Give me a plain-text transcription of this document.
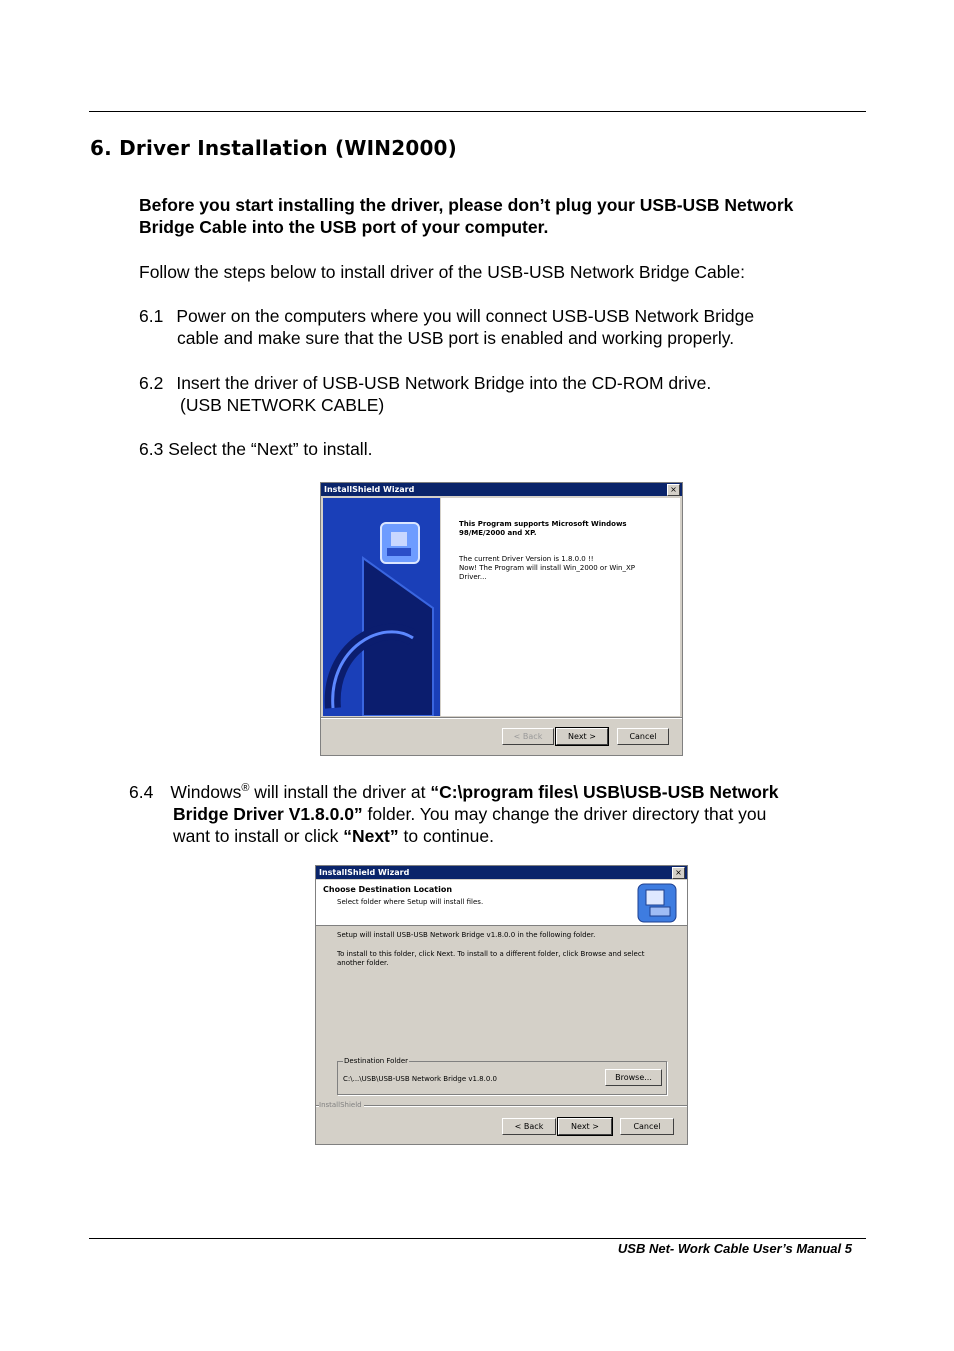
6. Driver Installation (WIN2000)
Before you start installing the driver, please don’t plug your USB-USB Network
Bridge Cable into the USB port of your computer.
Follow the steps below to install driver of the USB-USB Network Bridge Cable:
6.1 Power on the computers where you will connect USB-USB Network Bridge
cable and make sure that the USB port is enabled and working properly.
6.2 Insert the driver of USB-USB Network Bridge into the CD-ROM drive.
(USB NETWORK CABLE)
6.3 Select the “Next” to install.
InstallShield Wizard	×
This Program supports Microsoft Windows
98/ME/2000 and XP.
The current Driver Version is 1.8.0.0 !!
Now! The Program will install Win_2000 or Win_XP
Driver...
< Back	Next >	Cancel
6.4 Windows® will install the driver at “C:\program files\ USB\USB-USB Network
Bridge Driver V1.8.0.0” folder. You may change the driver directory that you
want to install or click “Next” to continue.
InstallShield Wizard	×
Choose Destination Location
Select folder where Setup will install files.
Setup will install USB-USB Network Bridge v1.8.0.0 in the following folder.
To install to this folder, click Next. To install to a different folder, click Browse and select
another folder.
Destination Folder
C:\...\USB\USB-USB Network Bridge v1.8.0.0	Browse...
InstallShield
< Back	Next >	Cancel
USB Net- Work Cable User’s Manual 5
